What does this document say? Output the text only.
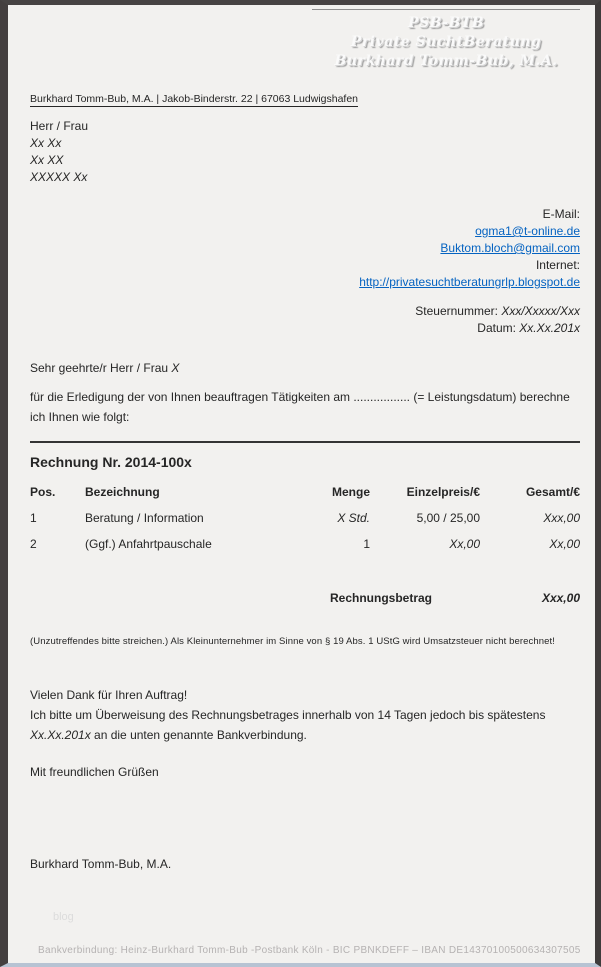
PSB-BTB
Private SuchtBeratung
Burkhard Tomm-Bub, M.A.
Burkhard Tomm-Bub, M.A. | Jakob-Binderstr. 22 | 67063 Ludwigshafen
Herr / Frau
Xx Xx
Xx XX
XXXXX Xx
E-Mail:
ogma1@t-online.de
Buktom.bloch@gmail.com
Internet:
http://privatesuchtberatungrlp.blogspot.de
Steuernummer: Xxx/Xxxxx/Xxx
Datum: Xx.Xx.201x
Sehr geehrte/r Herr / Frau X

für die Erledigung der von Ihnen beauftragen Tätigkeiten am ................. (= Leistungsdatum) berechne ich Ihnen wie folgt:

Rechnung Nr. 2014-100x
Pos.	Bezeichnung	Menge	Einzelpreis/€	Gesamt/€
1	Beratung / Information	X Std.	5,00 / 25,00	Xxx,00
2	(Ggf.) Anfahrtpauschale	1	Xx,00	Xx,00
Rechnungsbetrag	Xxx,00
(Unzutreffendes bitte streichen.) Als Kleinunternehmer im Sinne von § 19 Abs. 1 UStG wird Umsatzsteuer nicht berechnet!
Vielen Dank für Ihren Auftrag!
Ich bitte um Überweisung des Rechnungsbetrages innerhalb von 14 Tagen jedoch bis spätestens Xx.Xx.201x an die unten genannte Bankverbindung.
Mit freundlichen Grüßen
Burkhard Tomm-Bub, M.A.
blog
Bankverbindung: Heinz-Burkhard Tomm-Bub -Postbank Köln - BIC PBNKDEFF – IBAN DE14370100500634307505
